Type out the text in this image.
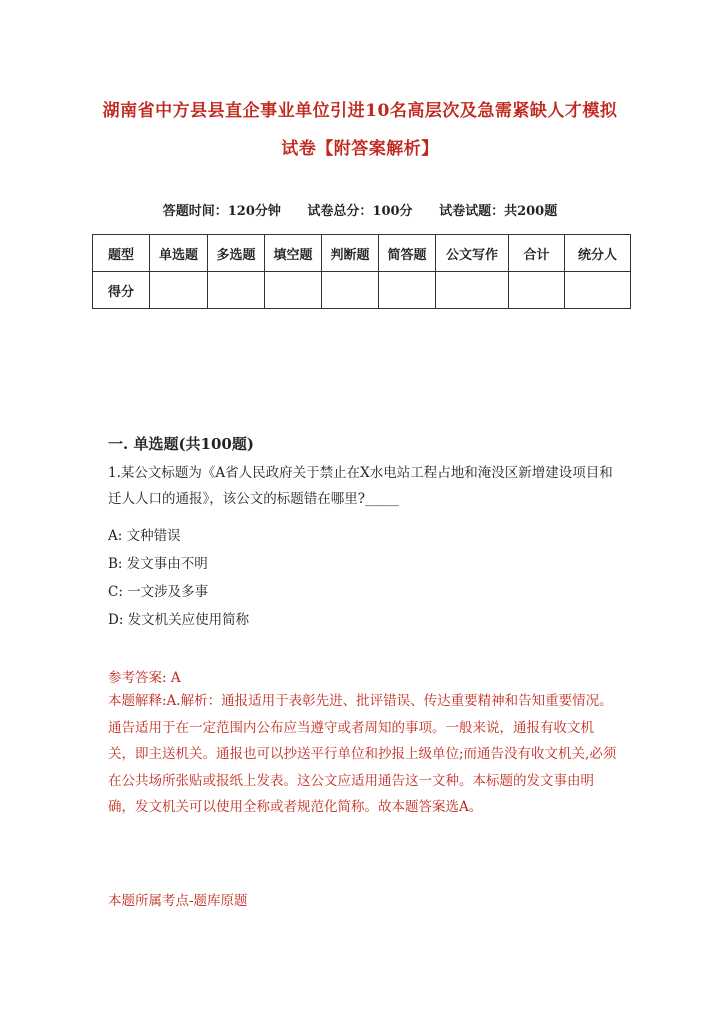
湖南省中方县县直企事业单位引进10名高层次及急需紧缺人才模拟
试卷【附答案解析】
答题时间：120分钟 试卷总分：100分 试卷试题：共200题
题型	单选题	多选题	填空题	判断题	简答题	公文写作	合计	统分人
得分								
一. 单选题(共100题)
1.某公文标题为《A省人民政府关于禁止在X水电站工程占地和淹没区新增建设项目和迁人人口的通报》，该公文的标题错在哪里?_____
A: 文种错误
B: 发文事由不明
C: 一文涉及多事
D: 发文机关应使用简称
参考答案: A
本题解释:A.解析：通报适用于表彰先进、批评错误、传达重要精神和告知重要情况。通告适用于在一定范围内公布应当遵守或者周知的事项。一般来说，通报有收文机关，即主送机关。通报也可以抄送平行单位和抄报上级单位;而通告没有收文机关,必须在公共场所张贴或报纸上发表。这公文应适用通告这一文种。本标题的发文事由明确，发文机关可以使用全称或者规范化简称。故本题答案选A。
本题所属考点-题库原题
